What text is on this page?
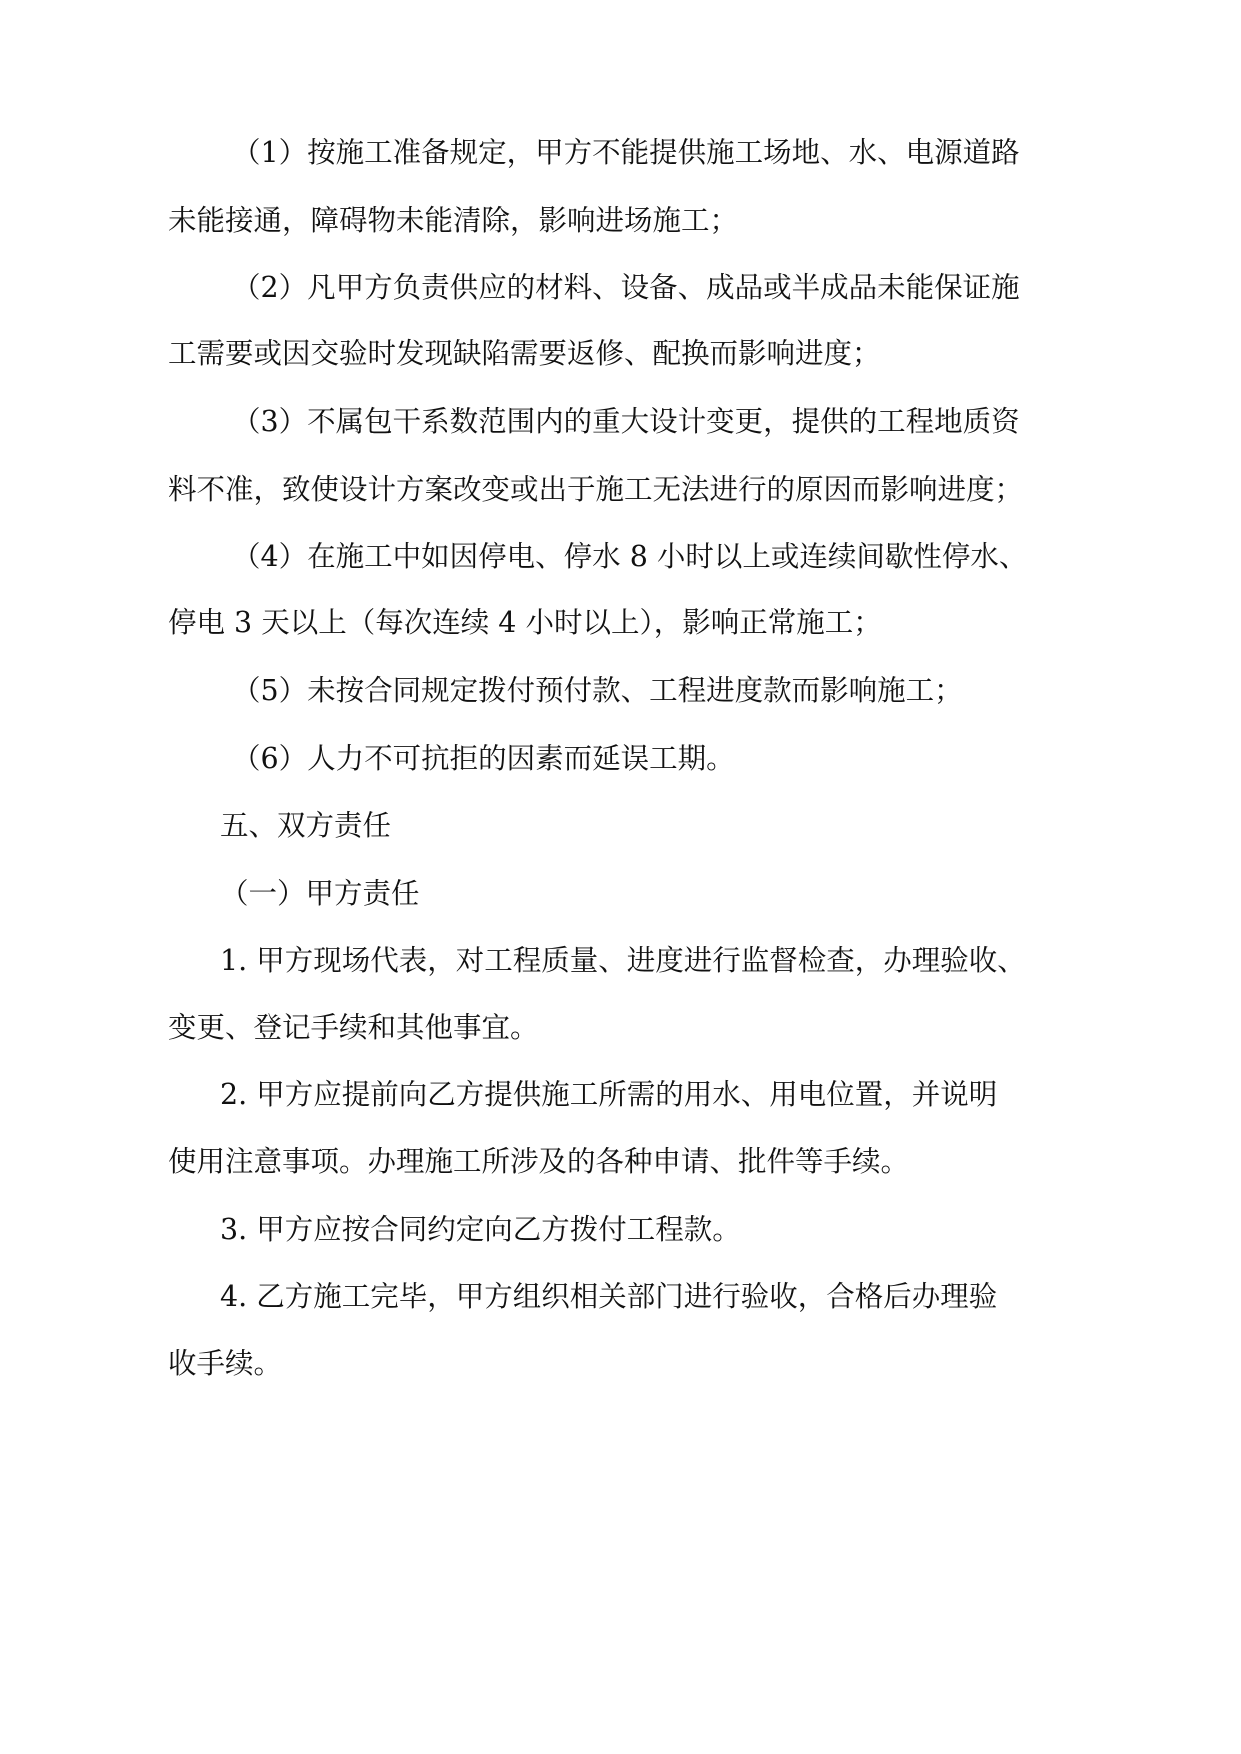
（1）按施工准备规定，甲方不能提供施工场地、水、电源道路

未能接通，障碍物未能清除，影响进场施工；

（2）凡甲方负责供应的材料、设备、成品或半成品未能保证施

工需要或因交验时发现缺陷需要返修、配换而影响进度；

（3）不属包干系数范围内的重大设计变更，提供的工程地质资

料不准，致使设计方案改变或出于施工无法进行的原因而影响进度；

（4）在施工中如因停电、停水 8 小时以上或连续间歇性停水、

停电 3 天以上（每次连续 4 小时以上），影响正常施工；

（5）未按合同规定拨付预付款、工程进度款而影响施工；

（6）人力不可抗拒的因素而延误工期。

五、双方责任

（一）甲方责任

1. 甲方现场代表，对工程质量、进度进行监督检查，办理验收、

变更、登记手续和其他事宜。

2. 甲方应提前向乙方提供施工所需的用水、用电位置，并说明

使用注意事项。办理施工所涉及的各种申请、批件等手续。

3. 甲方应按合同约定向乙方拨付工程款。

4. 乙方施工完毕，甲方组织相关部门进行验收，合格后办理验

收手续。
